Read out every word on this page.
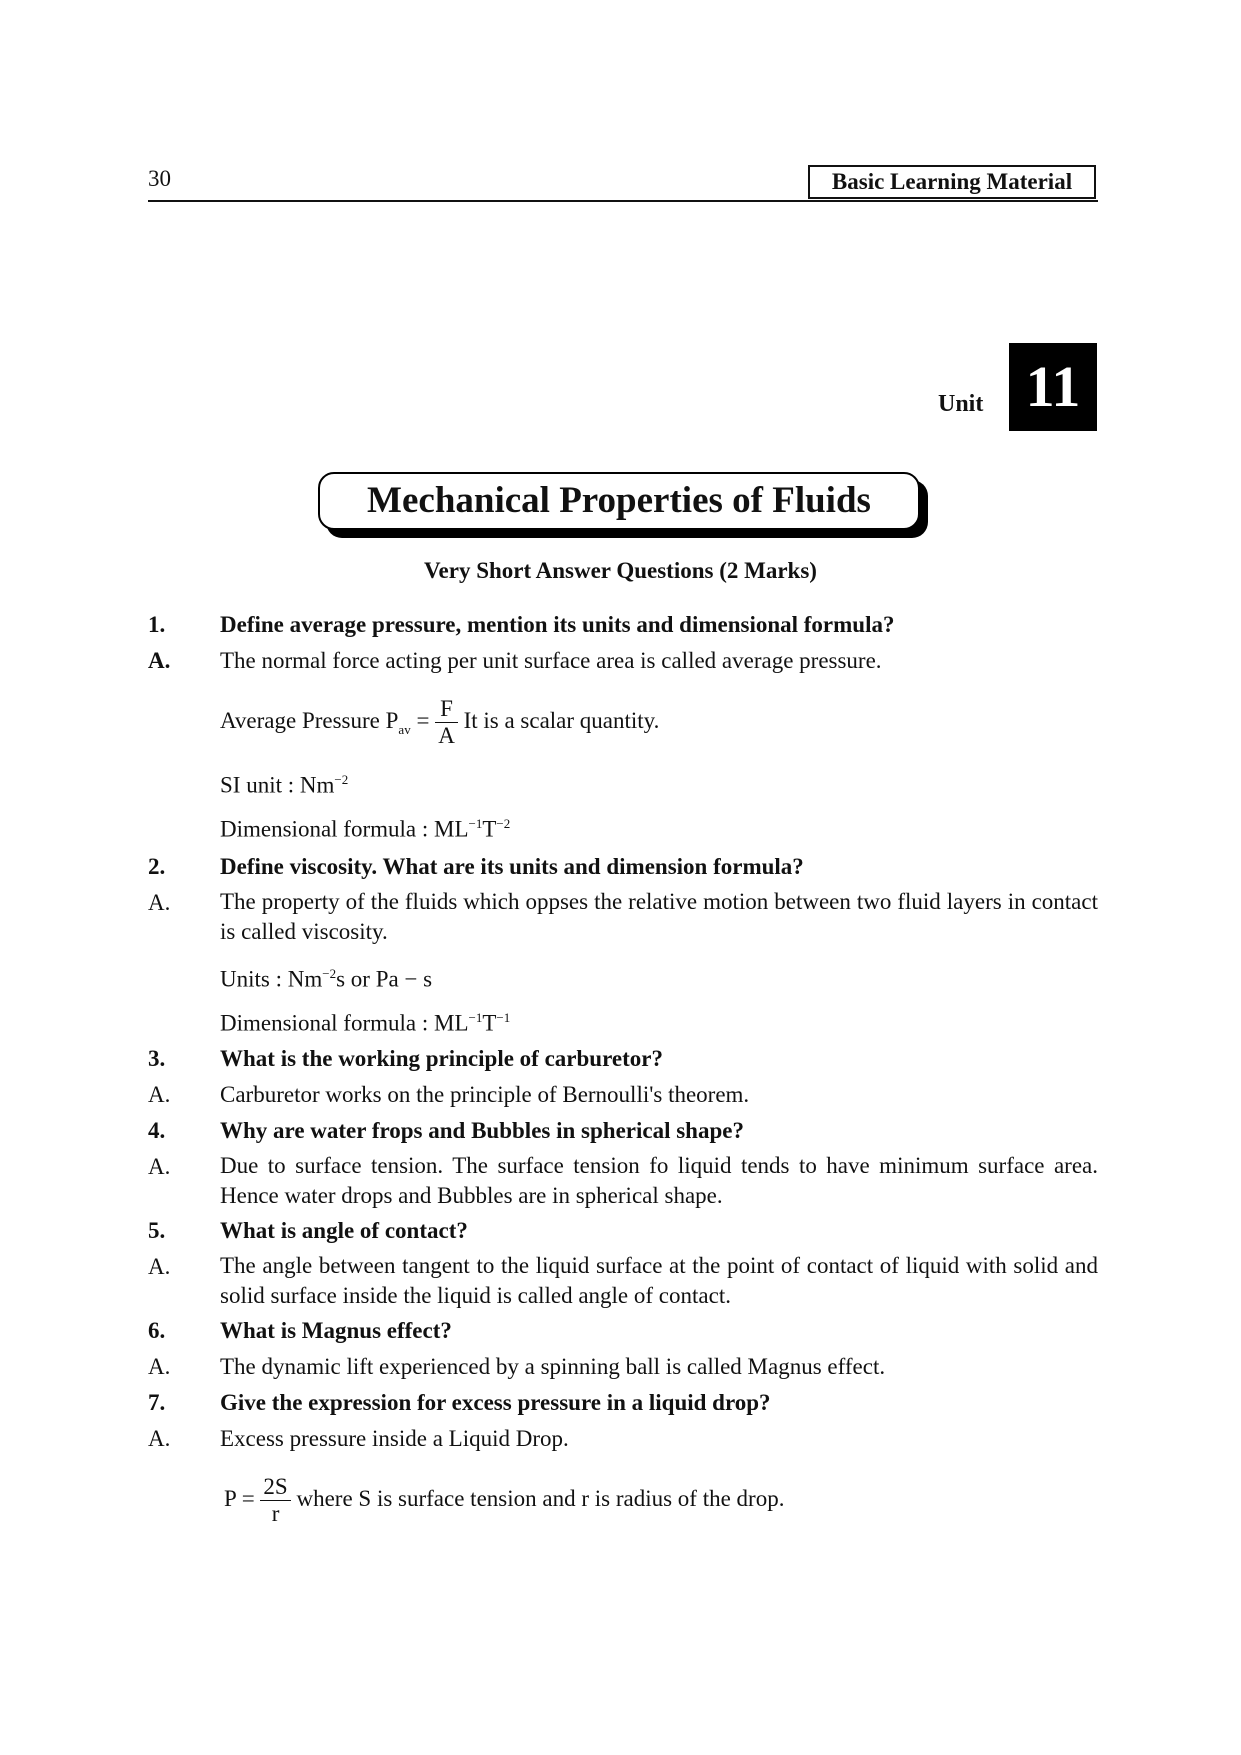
30	Basic Learning Material
Unit 11
Mechanical Properties of Fluids
Very Short Answer Questions (2 Marks)
1. Define average pressure, mention its units and dimensional formula?
A. The normal force acting per unit surface area is called average pressure.
Average Pressure $P_{av} = \frac{F}{A}$ It is a scalar quantity.
SI unit : $Nm^{-2}$
Dimensional formula : $ML^{-1}T^{-2}$
2. Define viscosity. What are its units and dimension formula?
A. The property of the fluids which oppses the relative motion between two fluid layers in contact is called viscosity.
Units : $Nm^{-2}s$ or Pa − s
Dimensional formula : $ML^{-1}T^{-1}$
3. What is the working principle of carburetor?
A. Carburetor works on the principle of Bernoulli's theorem.
4. Why are water frops and Bubbles in spherical shape?
A. Due to surface tension. The surface tension fo liquid tends to have minimum surface area. Hence water drops and Bubbles are in spherical shape.
5. What is angle of contact?
A. The angle between tangent to the liquid surface at the point of contact of liquid with solid and solid surface inside the liquid is called angle of contact.
6. What is Magnus effect?
A. The dynamic lift experienced by a spinning ball is called Magnus effect.
7. Give the expression for excess pressure in a liquid drop?
A. Excess pressure inside a Liquid Drop.
$P = \frac{2S}{r}$ where S is surface tension and r is radius of the drop.
